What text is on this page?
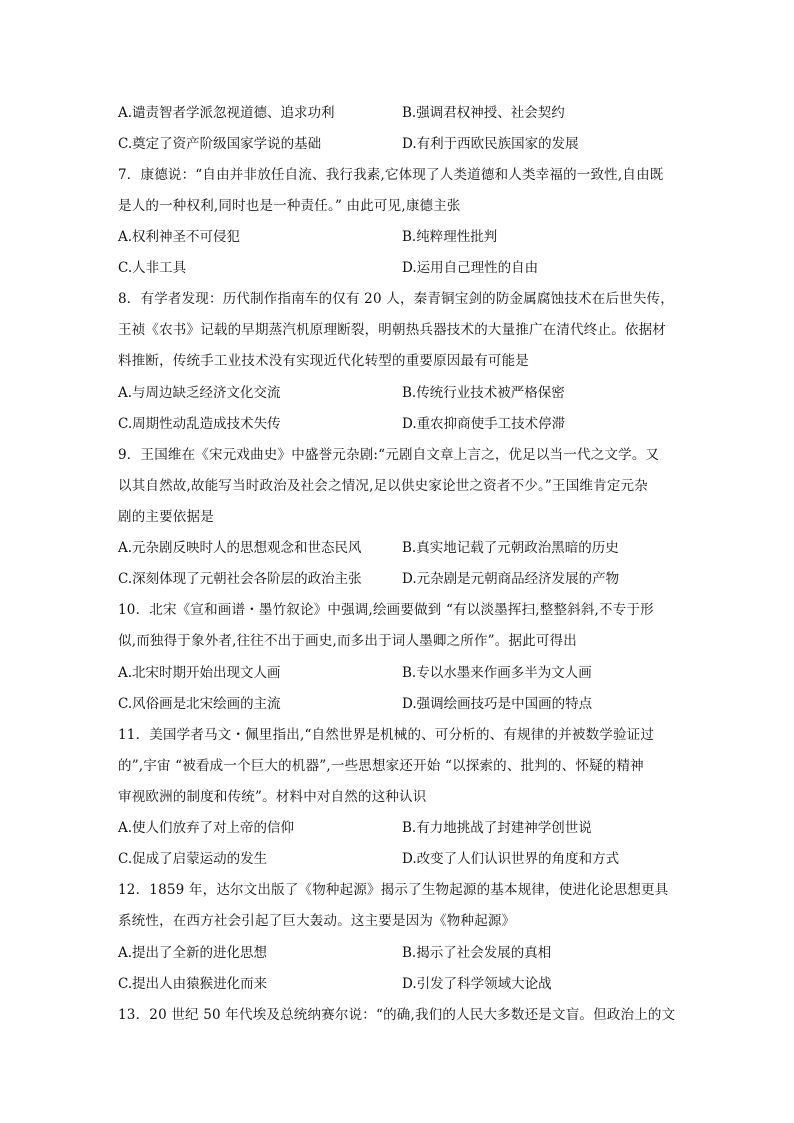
A.谴责智者学派忽视道德、追求功利	B.强调君权神授、社会契约
C.奠定了资产阶级国家学说的基础	D.有利于西欧民族国家的发展
7．康德说：“自由并非放任自流、我行我素,它体现了人类道德和人类幸福的一致性,自由既
是人的一种权利,同时也是一种责任。” 由此可见,康德主张
A.权利神圣不可侵犯	B.纯粹理性批判
C.人非工具	D.运用自己理性的自由
8．有学者发现：历代制作指南车的仅有 20 人，秦青铜宝剑的防金属腐蚀技术在后世失传，
王祯《农书》记载的早期蒸汽机原理断裂，明朝热兵器技术的大量推广在清代终止。依据材
料推断，传统手工业技术没有实现近代化转型的重要原因最有可能是
A.与周边缺乏经济文化交流	B.传统行业技术被严格保密
C.周期性动乱造成技术失传	D.重农抑商使手工技术停滞
9．王国维在《宋元戏曲史》中盛誉元杂剧:“元剧自文章上言之，优足以当一代之文学。又
以其自然故,故能写当时政治及社会之情况,足以供史家论世之资者不少。”王国维肯定元杂
剧的主要依据是
A.元杂剧反映时人的思想观念和世态民风	B.真实地记载了元朝政治黑暗的历史
C.深刻体现了元朝社会各阶层的政治主张	D.元杂剧是元朝商品经济发展的产物
10．北宋《宣和画谱・墨竹叙论》中强调,绘画要做到 “有以淡墨挥扫,整整斜斜,不专于形
似,而独得于象外者,往往不出于画史,而多出于词人墨卿之所作”。据此可得出
A.北宋时期开始出现文人画	B.专以水墨来作画多半为文人画
C.风俗画是北宋绘画的主流	D.强调绘画技巧是中国画的特点
11．美国学者马文・佩里指出,“自然世界是机械的、可分析的、有规律的并被数学验证过
的”,宇宙 “被看成一个巨大的机器”,一些思想家还开始 “以探索的、批判的、怀疑的精神
审视欧洲的制度和传统”。材料中对自然的这种认识
A.使人们放弃了对上帝的信仰	B.有力地挑战了封建神学创世说
C.促成了启蒙运动的发生	D.改变了人们认识世界的角度和方式
12．1859 年，达尔文出版了《物种起源》揭示了生物起源的基本规律，使进化论思想更具
系统性，在西方社会引起了巨大轰动。这主要是因为《物种起源》
A.提出了全新的进化思想	B.揭示了社会发展的真相
C.提出人由猿猴进化而来	D.引发了科学领域大论战
13．20 世纪 50 年代埃及总统纳赛尔说：“的确,我们的人民大多数还是文盲。但政治上的文
